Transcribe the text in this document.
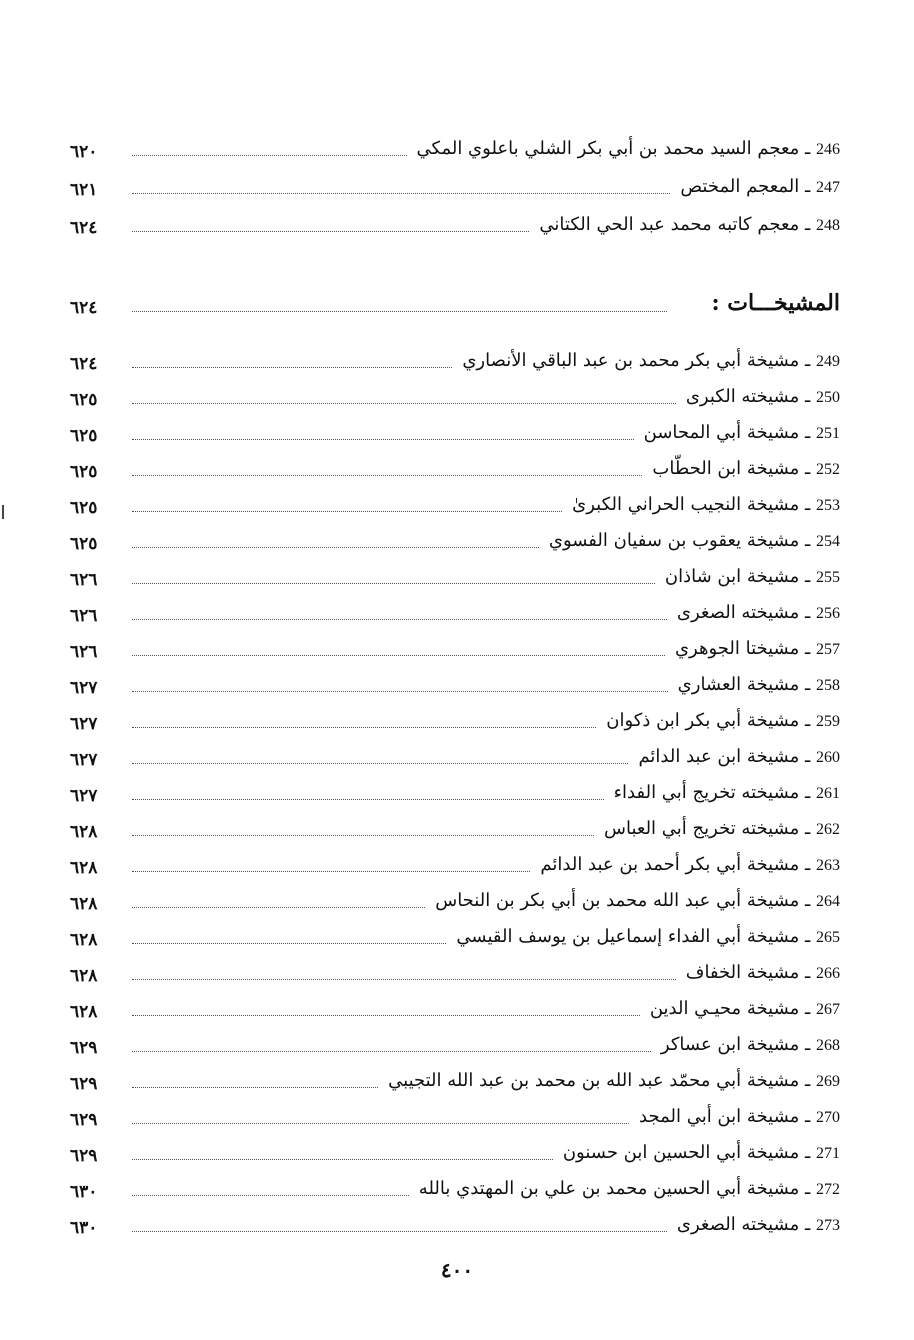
246 ـ معجم السيد محمد بن أبي بكر الشلي باعلوي المكي
٦٢٠
247 ـ المعجم المختص
٦٢١
248 ـ معجم كاتبه محمد عبد الحي الكتاني
٦٢٤
المشيخـــات :
٦٢٤
249 ـ مشيخة أبي بكر محمد بن عبد الباقي الأنصاري
٦٢٤
250 ـ مشيخته الكبرى
٦٢٥
251 ـ مشيخة أبي المحاسن
٦٢٥
252 ـ مشيخة ابن الحطّاب
٦٢٥
253 ـ مشيخة النجيب الحراني الكبرىٰ
٦٢٥
254 ـ مشيخة يعقوب بن سفيان الفسوي
٦٢٥
255 ـ مشيخة ابن شاذان
٦٢٦
256 ـ مشيخته الصغرى
٦٢٦
257 ـ مشيختا الجوهري
٦٢٦
258 ـ مشيخة العشاري
٦٢٧
259 ـ مشيخة أبي بكر ابن ذكوان
٦٢٧
260 ـ مشيخة ابن عبد الدائم
٦٢٧
261 ـ مشيخته تخريج أبي الفداء
٦٢٧
262 ـ مشيخته تخريج أبي العباس
٦٢٨
263 ـ مشيخة أبي بكر أحمد بن عبد الدائم
٦٢٨
264 ـ مشيخة أبي عبد الله محمد بن أبي بكر بن النحاس
٦٢٨
265 ـ مشيخة أبي الفداء إسماعيل بن يوسف القيسي
٦٢٨
266 ـ مشيخة الخفاف
٦٢٨
267 ـ مشيخة محيـي الدين
٦٢٨
268 ـ مشيخة ابن عساكر
٦٢٩
269 ـ مشيخة أبي محمّد عبد الله بن محمد بن عبد الله التجيبي
٦٢٩
270 ـ مشيخة ابن أبي المجد
٦٢٩
271 ـ مشيخة أبي الحسين ابن حسنون
٦٢٩
272 ـ مشيخة أبي الحسين محمد بن علي بن المهتدي بالله
٦٣٠
273 ـ مشيخته الصغرى
٦٣٠
٤٠٠
